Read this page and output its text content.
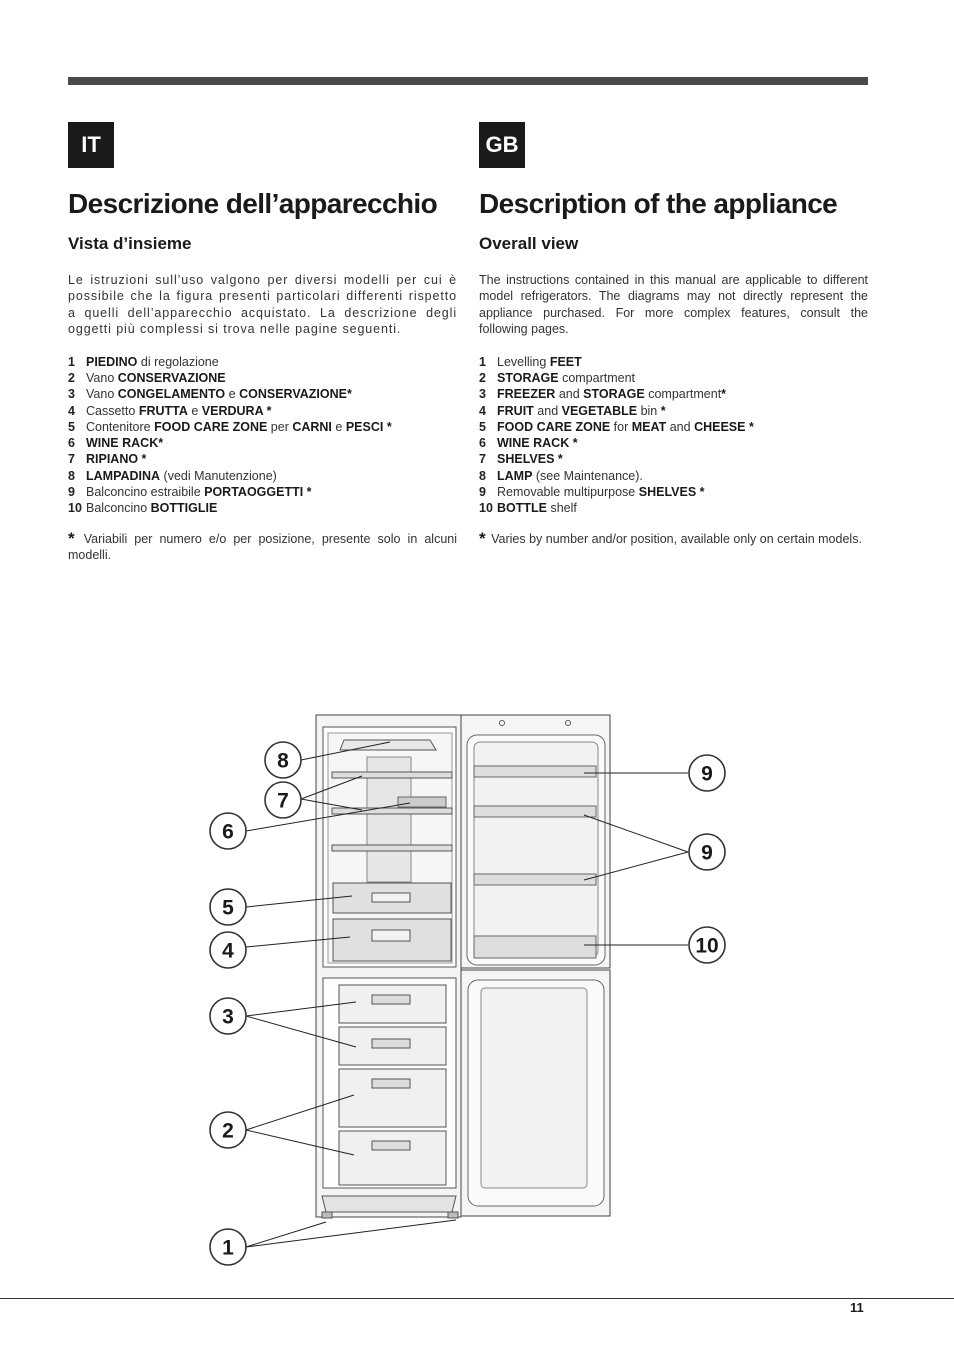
IT	GB
Descrizione dell’apparecchio
Vista d’insieme

Le istruzioni sull’uso valgono per diversi modelli per cui è possibile che la figura presenti particolari differenti rispetto a quelli dell’apparecchio acquistato. La descrizione degli oggetti più complessi si trova nelle pagine seguenti.

1 PIEDINO di regolazione
2 Vano CONSERVAZIONE
3 Vano CONGELAMENTO e CONSERVAZIONE*
4 Cassetto FRUTTA e VERDURA *
5 Contenitore FOOD CARE ZONE per CARNI e PESCI *
6 WINE RACK*
7 RIPIANO *
8 LAMPADINA (vedi Manutenzione)
9 Balconcino estraibile PORTAOGGETTI *
10 Balconcino BOTTIGLIE

* Variabili per numero e/o per posizione, presente solo in alcuni modelli.

Description of the appliance
Overall view

The instructions contained in this manual are applicable to different model refrigerators. The diagrams may not directly represent the appliance purchased. For more complex features, consult the following pages.

1 Levelling FEET
2 STORAGE compartment
3 FREEZER and STORAGE compartment*
4 FRUIT and VEGETABLE bin *
5 FOOD CARE ZONE for MEAT and CHEESE *
6 WINE RACK *
7 SHELVES *
8 LAMP (see Maintenance).
9 Removable multipurpose SHELVES *
10 BOTTLE shelf

* Varies by number and/or position, available only on certain models.

8
7
6
5
4
3
2
1
9
9
10
11
